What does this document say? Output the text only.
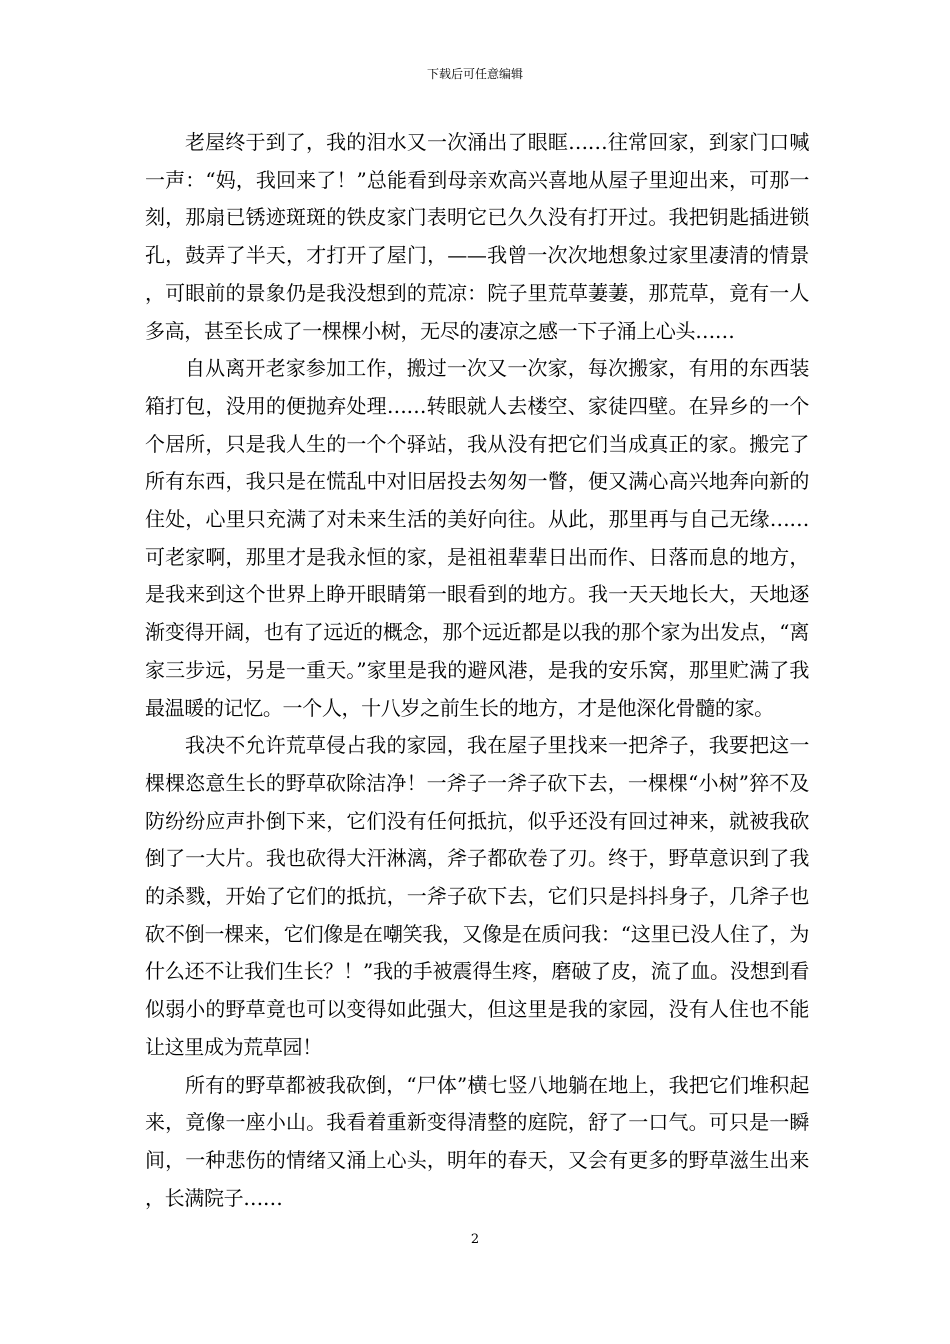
下载后可任意编辑

老屋终于到了，我的泪水又一次涌出了眼眶……往常回家，到家门口喊一声：“妈，我回来了！”总能看到母亲欢高兴喜地从屋子里迎出来，可那一刻，那扇已锈迹斑斑的铁皮家门表明它已久久没有打开过。我把钥匙插进锁孔，鼓弄了半天，才打开了屋门，——我曾一次次地想象过家里凄清的情景，可眼前的景象仍是我没想到的荒凉：院子里荒草萋萋，那荒草，竟有一人多高，甚至长成了一棵棵小树，无尽的凄凉之感一下子涌上心头……

自从离开老家参加工作，搬过一次又一次家，每次搬家，有用的东西装箱打包，没用的便抛弃处理……转眼就人去楼空、家徒四壁。在异乡的一个个居所，只是我人生的一个个驿站，我从没有把它们当成真正的家。搬完了所有东西，我只是在慌乱中对旧居投去匆匆一瞥，便又满心高兴地奔向新的住处，心里只充满了对未来生活的美好向往。从此，那里再与自己无缘……可老家啊，那里才是我永恒的家，是祖祖辈辈日出而作、日落而息的地方，是我来到这个世界上睁开眼睛第一眼看到的地方。我一天天地长大，天地逐渐变得开阔，也有了远近的概念，那个远近都是以我的那个家为出发点，“离家三步远，另是一重天。”家里是我的避风港，是我的安乐窝，那里贮满了我最温暖的记忆。一个人，十八岁之前生长的地方，才是他深化骨髓的家。

我决不允许荒草侵占我的家园，我在屋子里找来一把斧子，我要把这一棵棵恣意生长的野草砍除洁净！一斧子一斧子砍下去，一棵棵“小树”猝不及防纷纷应声扑倒下来，它们没有任何抵抗，似乎还没有回过神来，就被我砍倒了一大片。我也砍得大汗淋漓，斧子都砍卷了刃。终于，野草意识到了我的杀戮，开始了它们的抵抗，一斧子砍下去，它们只是抖抖身子，几斧子也砍不倒一棵来，它们像是在嘲笑我，又像是在质问我：“这里已没人住了，为什么还不让我们生长？！”我的手被震得生疼，磨破了皮，流了血。没想到看似弱小的野草竟也可以变得如此强大，但这里是我的家园，没有人住也不能让这里成为荒草园！

所有的野草都被我砍倒，“尸体”横七竖八地躺在地上，我把它们堆积起来，竟像一座小山。我看着重新变得清整的庭院，舒了一口气。可只是一瞬间，一种悲伤的情绪又涌上心头，明年的春天，又会有更多的野草滋生出来，长满院子……

2
